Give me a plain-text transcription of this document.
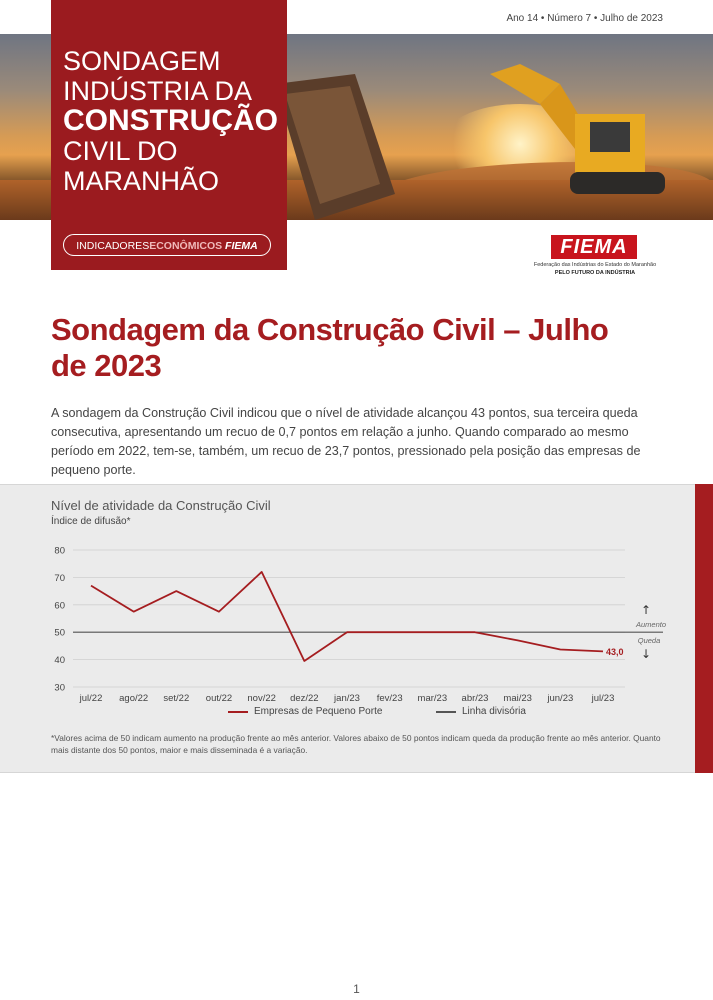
Ano 14 • Número 7 • Julho de 2023
SONDAGEM
INDÚSTRIA DA
CONSTRUÇÃO
CIVIL DO
MARANHÃO
INDICADORESECONÔMICOS FIEMA	FIEMA
Federação das Indústrias do Estado do Maranhão
PELO FUTURO DA INDÚSTRIA
Sondagem da Construção Civil – Julho de 2023
A sondagem da Construção Civil indicou que o nível de atividade alcançou 43 pontos, sua terceira queda consecutiva, apresentando um recuo de 0,7 pontos em relação a junho. Quando comparado ao mesmo período em 2022, tem-se, também, um recuo de 23,7 pontos, pressionado pela posição das empresas de pequeno porte.
Nível de atividade da Construção Civil
Índice de difusão*
30
40
50
60
70
80
jul/22 ago/22 set/22 out/22 nov/22 dez/22 jan/23 fev/23 mar/23 abr/23 mai/23 jun/23 jul/23
43,0
↑
Aumento
Queda
↓
Empresas de Pequeno Porte	Linha divisória
*Valores acima de 50 indicam aumento na produção frente ao mês anterior. Valores abaixo de 50 pontos indicam queda da produção frente ao mês anterior. Quanto mais distante dos 50 pontos, maior e mais disseminada é a variação.
1
